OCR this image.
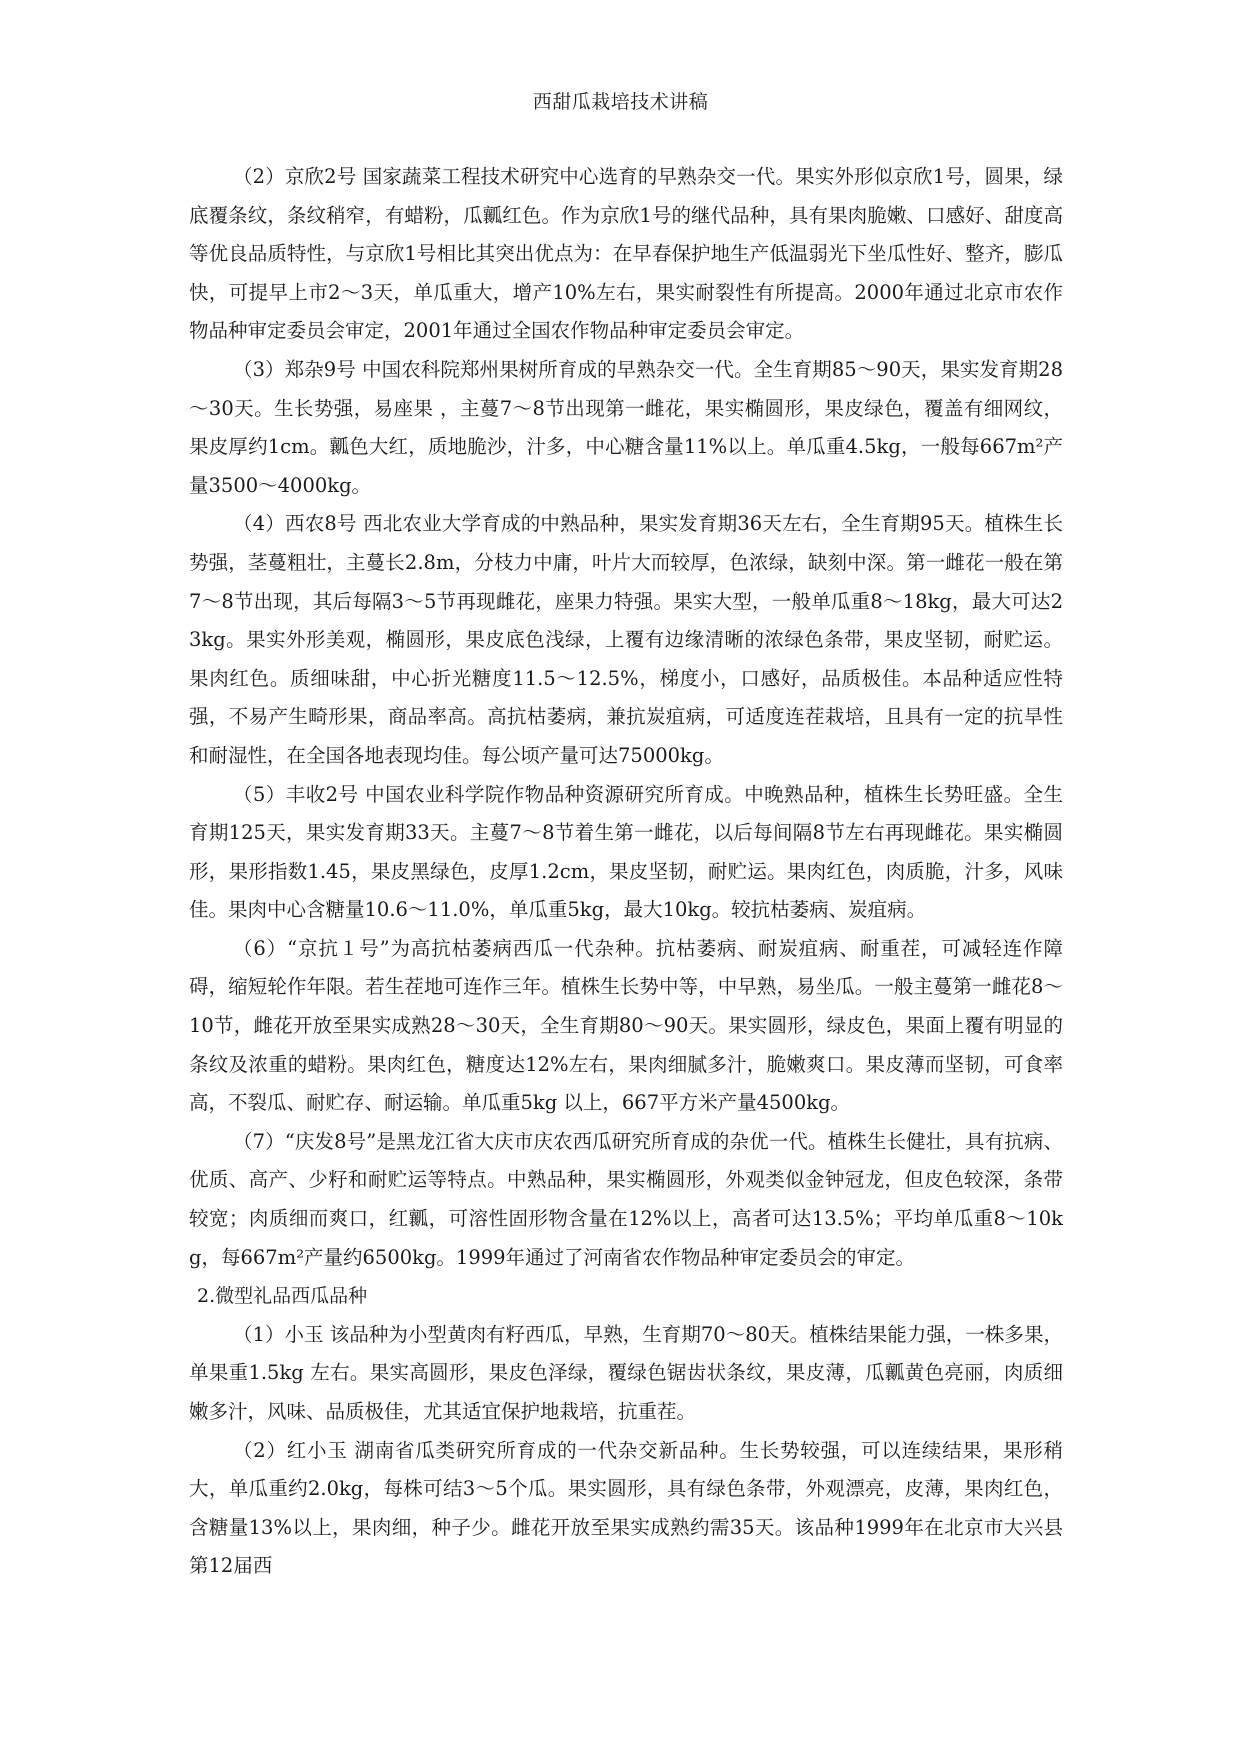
西甜瓜栽培技术讲稿

（2）京欣2号 国家蔬菜工程技术研究中心选育的早熟杂交一代。果实外形似京欣1号，圆果，绿底覆条纹，条纹稍窄，有蜡粉，瓜瓤红色。作为京欣1号的继代品种，具有果肉脆嫩、口感好、甜度高等优良品质特性，与京欣1号相比其突出优点为：在早春保护地生产低温弱光下坐瓜性好、整齐，膨瓜快，可提早上市2～3天，单瓜重大，增产10%左右，果实耐裂性有所提高。2000年通过北京市农作物品种审定委员会审定，2001年通过全国农作物品种审定委员会审定。

（3）郑杂9号 中国农科院郑州果树所育成的早熟杂交一代。全生育期85～90天，果实发育期28～30天。生长势强，易座果 ，主蔓7～8节出现第一雌花，果实椭圆形，果皮绿色，覆盖有细网纹，果皮厚约1cm。瓤色大红，质地脆沙，汁多，中心糖含量11%以上。单瓜重4.5kg，一般每667m²产量3500～4000kg。

（4）西农8号 西北农业大学育成的中熟品种，果实发育期36天左右，全生育期95天。植株生长势强，茎蔓粗壮，主蔓长2.8m，分枝力中庸，叶片大而较厚，色浓绿，缺刻中深。第一雌花一般在第7～8节出现，其后每隔3～5节再现雌花，座果力特强。果实大型，一般单瓜重8～18kg，最大可达23kg。果实外形美观，椭圆形，果皮底色浅绿，上覆有边缘清晰的浓绿色条带，果皮坚韧，耐贮运。果肉红色。质细味甜，中心折光糖度11.5～12.5%，梯度小，口感好，品质极佳。本品种适应性特强，不易产生畸形果，商品率高。高抗枯萎病，兼抗炭疽病，可适度连茬栽培，且具有一定的抗旱性和耐湿性，在全国各地表现均佳。每公顷产量可达75000kg。

（5）丰收2号 中国农业科学院作物品种资源研究所育成。中晚熟品种，植株生长势旺盛。全生育期125天，果实发育期33天。主蔓7～8节着生第一雌花，以后每间隔8节左右再现雌花。果实椭圆形，果形指数1.45，果皮黑绿色，皮厚1.2cm，果皮坚韧，耐贮运。果肉红色，肉质脆，汁多，风味佳。果肉中心含糖量10.6～11.0%，单瓜重5kg，最大10kg。较抗枯萎病、炭疽病。

（6）“京抗１号”为高抗枯萎病西瓜一代杂种。抗枯萎病、耐炭疽病、耐重茬，可减轻连作障碍，缩短轮作年限。若生茬地可连作三年。植株生长势中等，中早熟，易坐瓜。一般主蔓第一雌花8～10节，雌花开放至果实成熟28～30天，全生育期80～90天。果实圆形，绿皮色，果面上覆有明显的条纹及浓重的蜡粉。果肉红色，糖度达12%左右，果肉细腻多汁，脆嫩爽口。果皮薄而坚韧，可食率高，不裂瓜、耐贮存、耐运输。单瓜重5kg 以上，667平方米产量4500kg。

（7）“庆发8号”是黑龙江省大庆市庆农西瓜研究所育成的杂优一代。植株生长健壮，具有抗病、优质、高产、少籽和耐贮运等特点。中熟品种，果实椭圆形，外观类似金钟冠龙，但皮色较深，条带较宽；肉质细而爽口，红瓤，可溶性固形物含量在12%以上，高者可达13.5%；平均单瓜重8～10kg，每667m²产量约6500kg。1999年通过了河南省农作物品种审定委员会的审定。

2.微型礼品西瓜品种

（1）小玉 该品种为小型黄肉有籽西瓜，早熟，生育期70～80天。植株结果能力强，一株多果，单果重1.5kg 左右。果实高圆形，果皮色泽绿，覆绿色锯齿状条纹，果皮薄，瓜瓤黄色亮丽，肉质细嫩多汁，风味、品质极佳，尤其适宜保护地栽培，抗重茬。

（2）红小玉 湖南省瓜类研究所育成的一代杂交新品种。生长势较强，可以连续结果，果形稍大，单瓜重约2.0kg，每株可结3～5个瓜。果实圆形，具有绿色条带，外观漂亮，皮薄，果肉红色，含糖量13%以上，果肉细，种子少。雌花开放至果实成熟约需35天。该品种1999年在北京市大兴县第12届西
